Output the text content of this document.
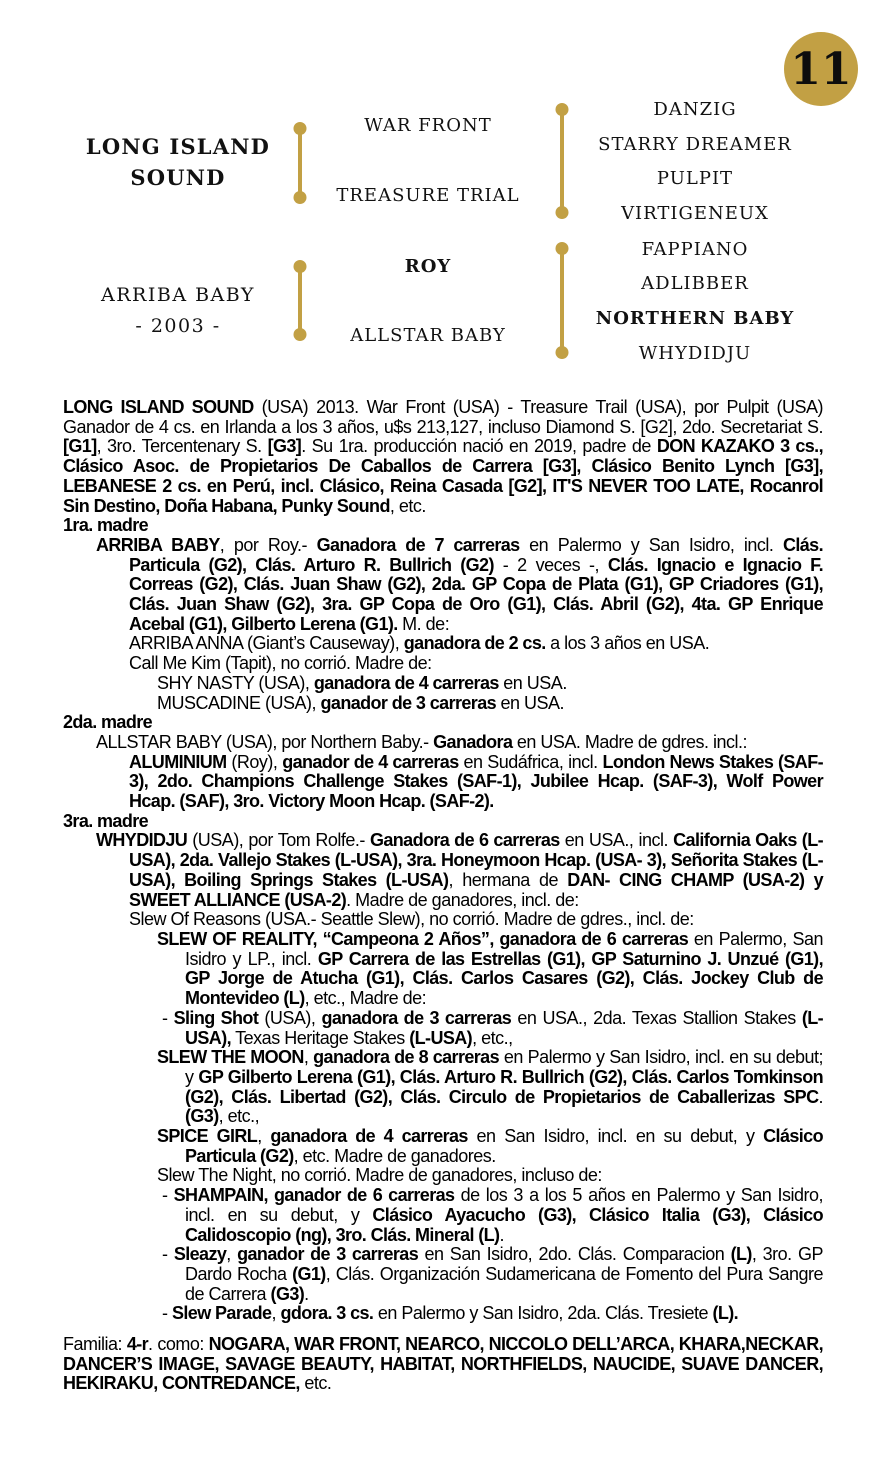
11
LONG ISLAND
SOUND
ARRIBA BABY
- 2003 -
WAR FRONT
TREASURE TRIAL
ROY
ALLSTAR BABY
DANZIG
STARRY DREAMER
PULPIT
VIRTIGENEUX
FAPPIANO
ADLIBBER
NORTHERN BABY
WHYDIDJU

LONG ISLAND SOUND (USA) 2013. War Front (USA) - Treasure Trail (USA), por Pulpit (USA) Ganador de 4 cs. en Irlanda a los 3 años, u$s 213,127, incluso Diamond S. [G2], 2do. Secretariat S. [G1], 3ro. Tercentenary S. [G3]. Su 1ra. producción nació en 2019, padre de DON KAZAKO 3 cs., Clásico Asoc. de Propietarios De Caballos de Carrera [G3], Clásico Benito Lynch [G3], LEBANESE 2 cs. en Perú, incl. Clásico, Reina Casada [G2], IT'S NEVER TOO LATE, Rocanrol Sin Destino, Doña Habana, Punky Sound, etc.

1ra. madre

ARRIBA BABY, por Roy.- Ganadora de 7 carreras en Palermo y San Isidro, incl. Clás. Particula (G2), Clás. Arturo R. Bullrich (G2) - 2 veces -, Clás. Ignacio e Ignacio F. Correas (G2), Clás. Juan Shaw (G2), 2da. GP Copa de Plata (G1), GP Criadores (G1), Clás. Juan Shaw (G2), 3ra. GP Copa de Oro (G1), Clás. Abril (G2), 4ta. GP Enrique Acebal (G1), Gilberto Lerena (G1). M. de:

ARRIBA ANNA (Giant’s Causeway), ganadora de 2 cs. a los 3 años en USA.

Call Me Kim (Tapit), no corrió. Madre de:

SHY NASTY (USA), ganadora de 4 carreras en USA.

MUSCADINE (USA), ganador de 3 carreras en USA.

2da. madre

ALLSTAR BABY (USA), por Northern Baby.- Ganadora en USA. Madre de gdres. incl.:

ALUMINIUM (Roy), ganador de 4 carreras en Sudáfrica, incl. London News Stakes (SAF-3), 2do. Champions Challenge Stakes (SAF-1), Jubilee Hcap. (SAF-3), Wolf Power Hcap. (SAF), 3ro. Victory Moon Hcap. (SAF-2).

3ra. madre

WHYDIDJU (USA), por Tom Rolfe.- Ganadora de 6 carreras en USA., incl. California Oaks (L-USA), 2da. Vallejo Stakes (L-USA), 3ra. Honeymoon Hcap. (USA- 3), Señorita Stakes (L-USA), Boiling Springs Stakes (L-USA), hermana de DAN- CING CHAMP (USA-2) y SWEET ALLIANCE (USA-2). Madre de ganadores, incl. de:

Slew Of Reasons (USA.- Seattle Slew), no corrió. Madre de gdres., incl. de:

SLEW OF REALITY, “Campeona 2 Años”, ganadora de 6 carreras en Palermo, San Isidro y LP., incl. GP Carrera de las Estrellas (G1), GP Saturnino J. Unzué (G1), GP Jorge de Atucha (G1), Clás. Carlos Casares (G2), Clás. Jockey Club de Montevideo (L), etc., Madre de:

- Sling Shot (USA), ganadora de 3 carreras en USA., 2da. Texas Stallion Stakes (L-USA), Texas Heritage Stakes (L-USA), etc.,

SLEW THE MOON, ganadora de 8 carreras en Palermo y San Isidro, incl. en su debut; y GP Gilberto Lerena (G1), Clás. Arturo R. Bullrich (G2), Clás. Carlos Tomkinson (G2), Clás. Libertad (G2), Clás. Circulo de Propietarios de Caballerizas SPC. (G3), etc.,

SPICE GIRL, ganadora de 4 carreras en San Isidro, incl. en su debut, y Clásico Particula (G2), etc. Madre de ganadores.

Slew The Night, no corrió. Madre de ganadores, incluso de:

- SHAMPAIN, ganador de 6 carreras de los 3 a los 5 años en Palermo y San Isidro, incl. en su debut, y Clásico Ayacucho (G3), Clásico Italia (G3), Clásico Calidoscopio (ng), 3ro. Clás. Mineral (L).

- Sleazy, ganador de 3 carreras en San Isidro, 2do. Clás. Comparacion (L), 3ro. GP Dardo Rocha (G1), Clás. Organización Sudamericana de Fomento del Pura Sangre de Carrera (G3).

- Slew Parade, gdora. 3 cs. en Palermo y San Isidro, 2da. Clás. Tresiete (L).

Familia: 4-r. como: NOGARA, WAR FRONT, NEARCO, NICCOLO DELL’ARCA, KHARA,NECKAR, DANCER’S IMAGE, SAVAGE BEAUTY, HABITAT, NORTHFIELDS, NAUCIDE, SUAVE DANCER, HEKIRAKU, CONTREDANCE, etc.
